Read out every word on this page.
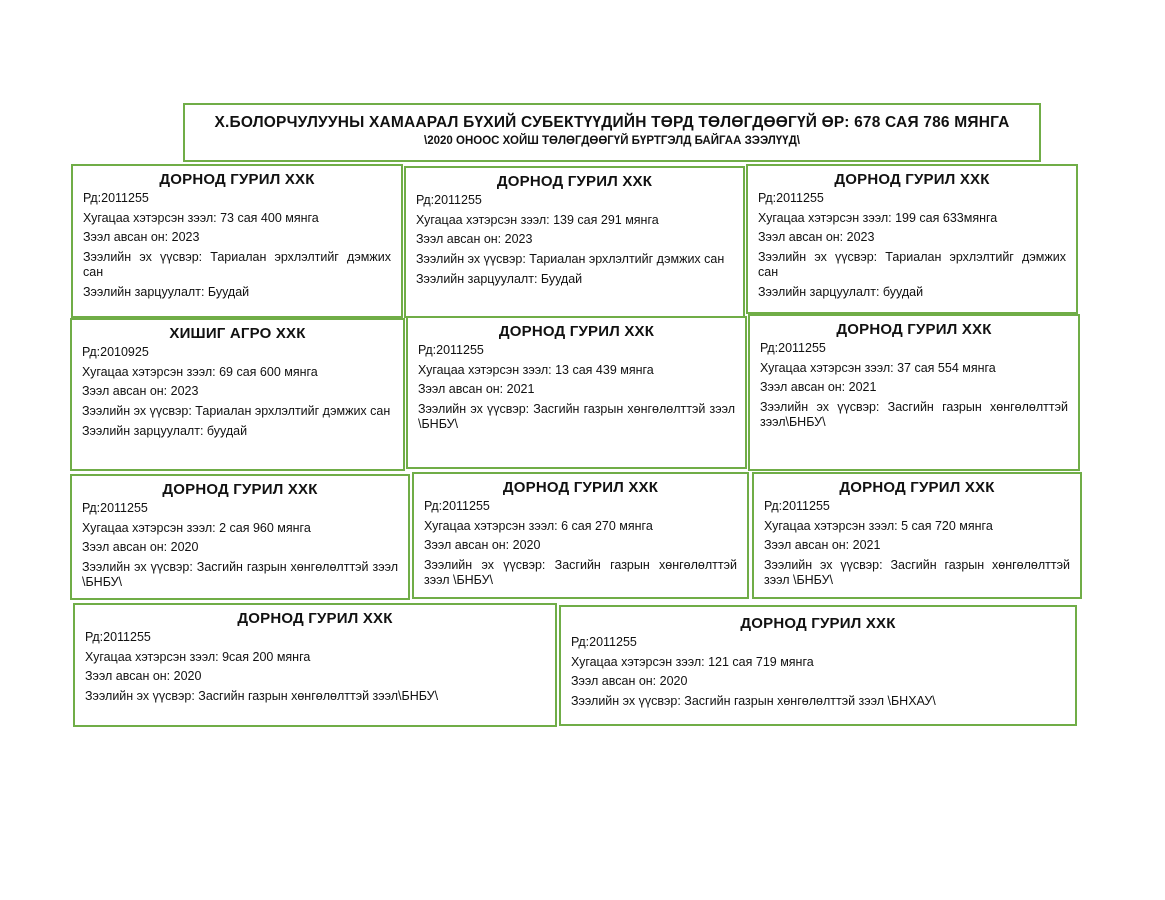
Х.БОЛОРЧУЛУУНЫ ХАМААРАЛ БҮХИЙ СУБЕКТҮҮДИЙН ТӨРД ТӨЛӨГДӨӨГҮЙ ӨР: 678 САЯ 786 МЯНГА
\2020 ОНООС ХОЙШ ТӨЛӨГДӨӨГҮЙ БҮРТГЭЛД БАЙГАА ЗЭЭЛҮҮД\
ДОРНОД ГУРИЛ ХХК
Рд:2011255
Хугацаа хэтэрсэн зээл: 73 сая 400 мянга
Зээл авсан он: 2023
Зээлийн эх үүсвэр: Тариалан эрхлэлтийг дэмжих сан
Зээлийн зарцуулалт: Буудай
ДОРНОД ГУРИЛ ХХК
Рд:2011255
Хугацаа хэтэрсэн зээл: 139 сая 291 мянга
Зээл авсан он: 2023
Зээлийн эх үүсвэр: Тариалан эрхлэлтийг дэмжих сан
Зээлийн зарцуулалт: Буудай
ДОРНОД ГУРИЛ ХХК
Рд:2011255
Хугацаа хэтэрсэн зээл: 199 сая 633мянга
Зээл авсан он: 2023
Зээлийн эх үүсвэр: Тариалан эрхлэлтийг дэмжих сан
Зээлийн зарцуулалт: буудай
ХИШИГ АГРО ХХК
Рд:2010925
Хугацаа хэтэрсэн зээл: 69 сая 600 мянга
Зээл авсан он: 2023
Зээлийн эх үүсвэр: Тариалан эрхлэлтийг дэмжих сан
Зээлийн зарцуулалт: буудай
ДОРНОД ГУРИЛ ХХК
Рд:2011255
Хугацаа хэтэрсэн зээл: 13 сая 439 мянга
Зээл авсан он: 2021
Зээлийн эх үүсвэр: Засгийн газрын хөнгөлөлттэй зээл \БНБУ\
ДОРНОД ГУРИЛ ХХК
Рд:2011255
Хугацаа хэтэрсэн зээл: 37 сая 554 мянга
Зээл авсан он: 2021
Зээлийн эх үүсвэр: Засгийн газрын хөнгөлөлттэй зээл\БНБУ\
ДОРНОД ГУРИЛ ХХК
Рд:2011255
Хугацаа хэтэрсэн зээл: 2 сая 960 мянга
Зээл авсан он: 2020
Зээлийн эх үүсвэр: Засгийн газрын хөнгөлөлттэй зээл \БНБУ\
ДОРНОД ГУРИЛ ХХК
Рд:2011255
Хугацаа хэтэрсэн зээл: 6 сая 270 мянга
Зээл авсан он: 2020
Зээлийн эх үүсвэр: Засгийн газрын хөнгөлөлттэй зээл \БНБУ\
ДОРНОД ГУРИЛ ХХК
Рд:2011255
Хугацаа хэтэрсэн зээл: 5 сая 720 мянга
Зээл авсан он: 2021
Зээлийн эх үүсвэр: Засгийн газрын хөнгөлөлттэй зээл \БНБУ\
ДОРНОД ГУРИЛ ХХК
Рд:2011255
Хугацаа хэтэрсэн зээл: 9сая 200 мянга
Зээл авсан он: 2020
Зээлийн эх үүсвэр: Засгийн газрын хөнгөлөлттэй зээл\БНБУ\
ДОРНОД ГУРИЛ ХХК
Рд:2011255
Хугацаа хэтэрсэн зээл: 121 сая 719 мянга
Зээл авсан он: 2020
Зээлийн эх үүсвэр: Засгийн газрын хөнгөлөлттэй зээл \БНХАУ\
